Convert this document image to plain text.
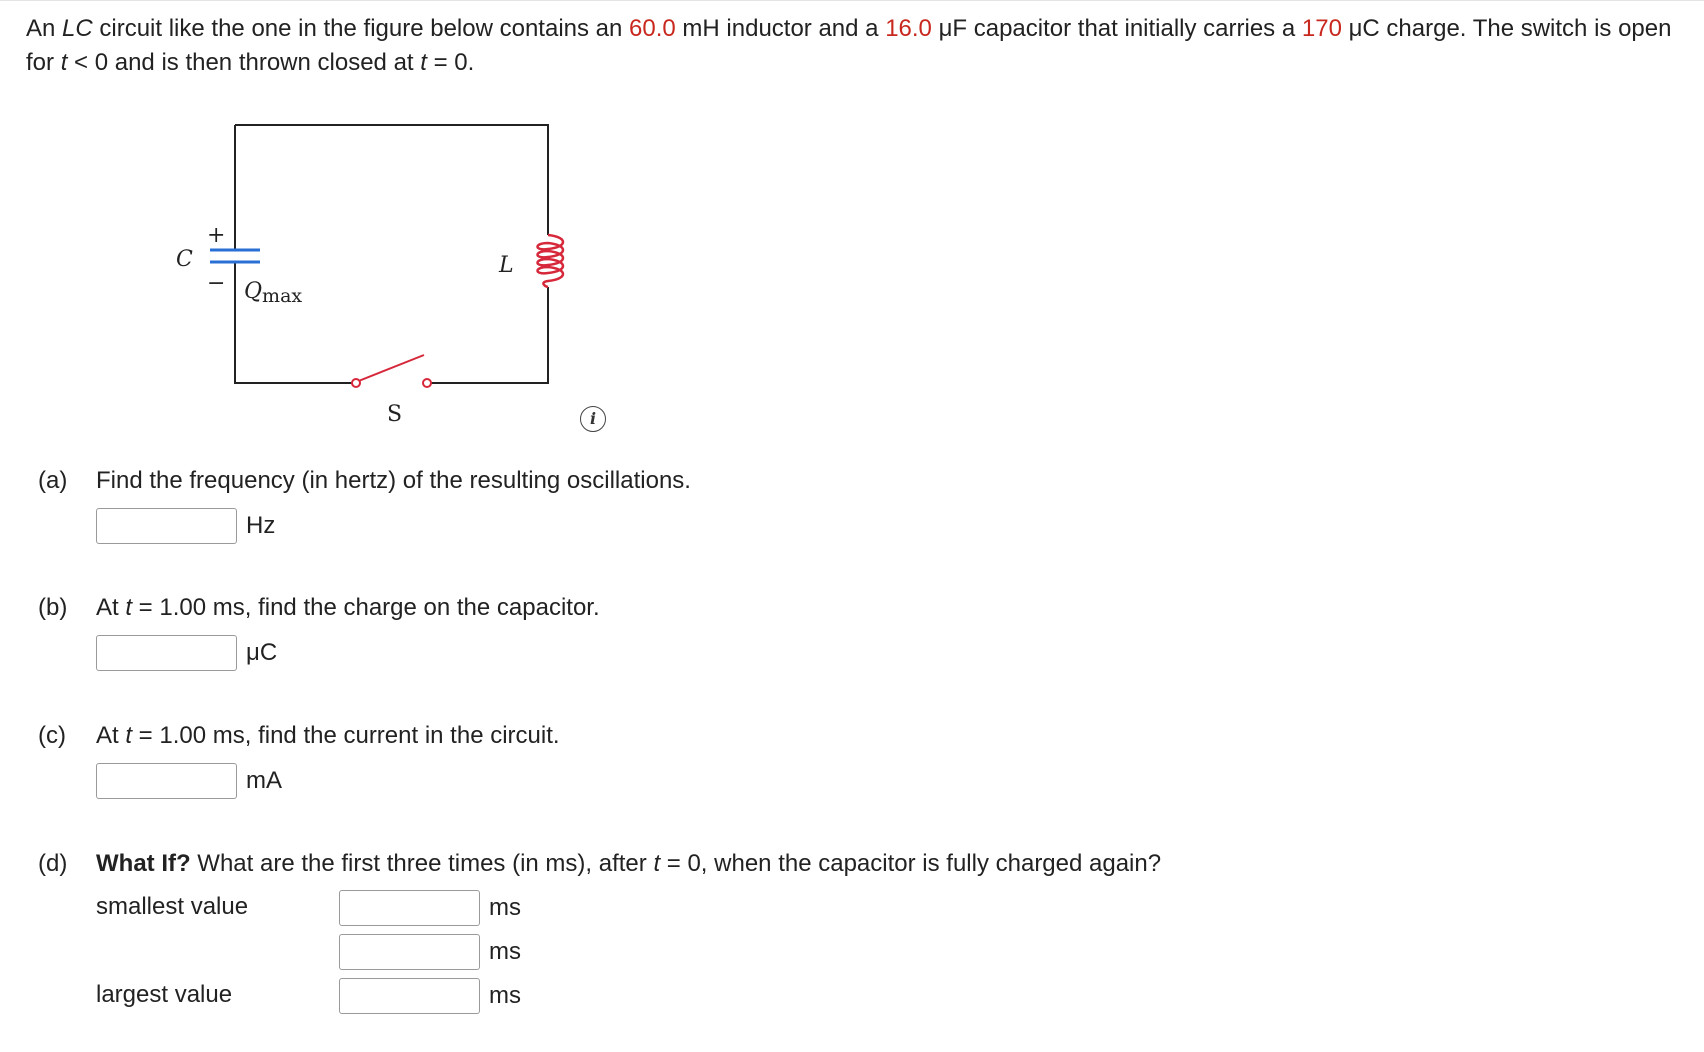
An LC circuit like the one in the figure below contains an 60.0 mH inductor and a 16.0 μF capacitor that initially carries a 170 μC charge. The switch is open for t < 0 and is then thrown closed at t = 0.
C
+
− Qmax
L
S	i
(a)	Find the frequency (in hertz) of the resulting oscillations.
Hz
(b)	At t = 1.00 ms, find the charge on the capacitor.
μC
(c)	At t = 1.00 ms, find the current in the circuit.
mA
(d)	What If? What are the first three times (in ms), after t = 0, when the capacitor is fully charged again?
smallest value	ms
ms
largest value	ms
